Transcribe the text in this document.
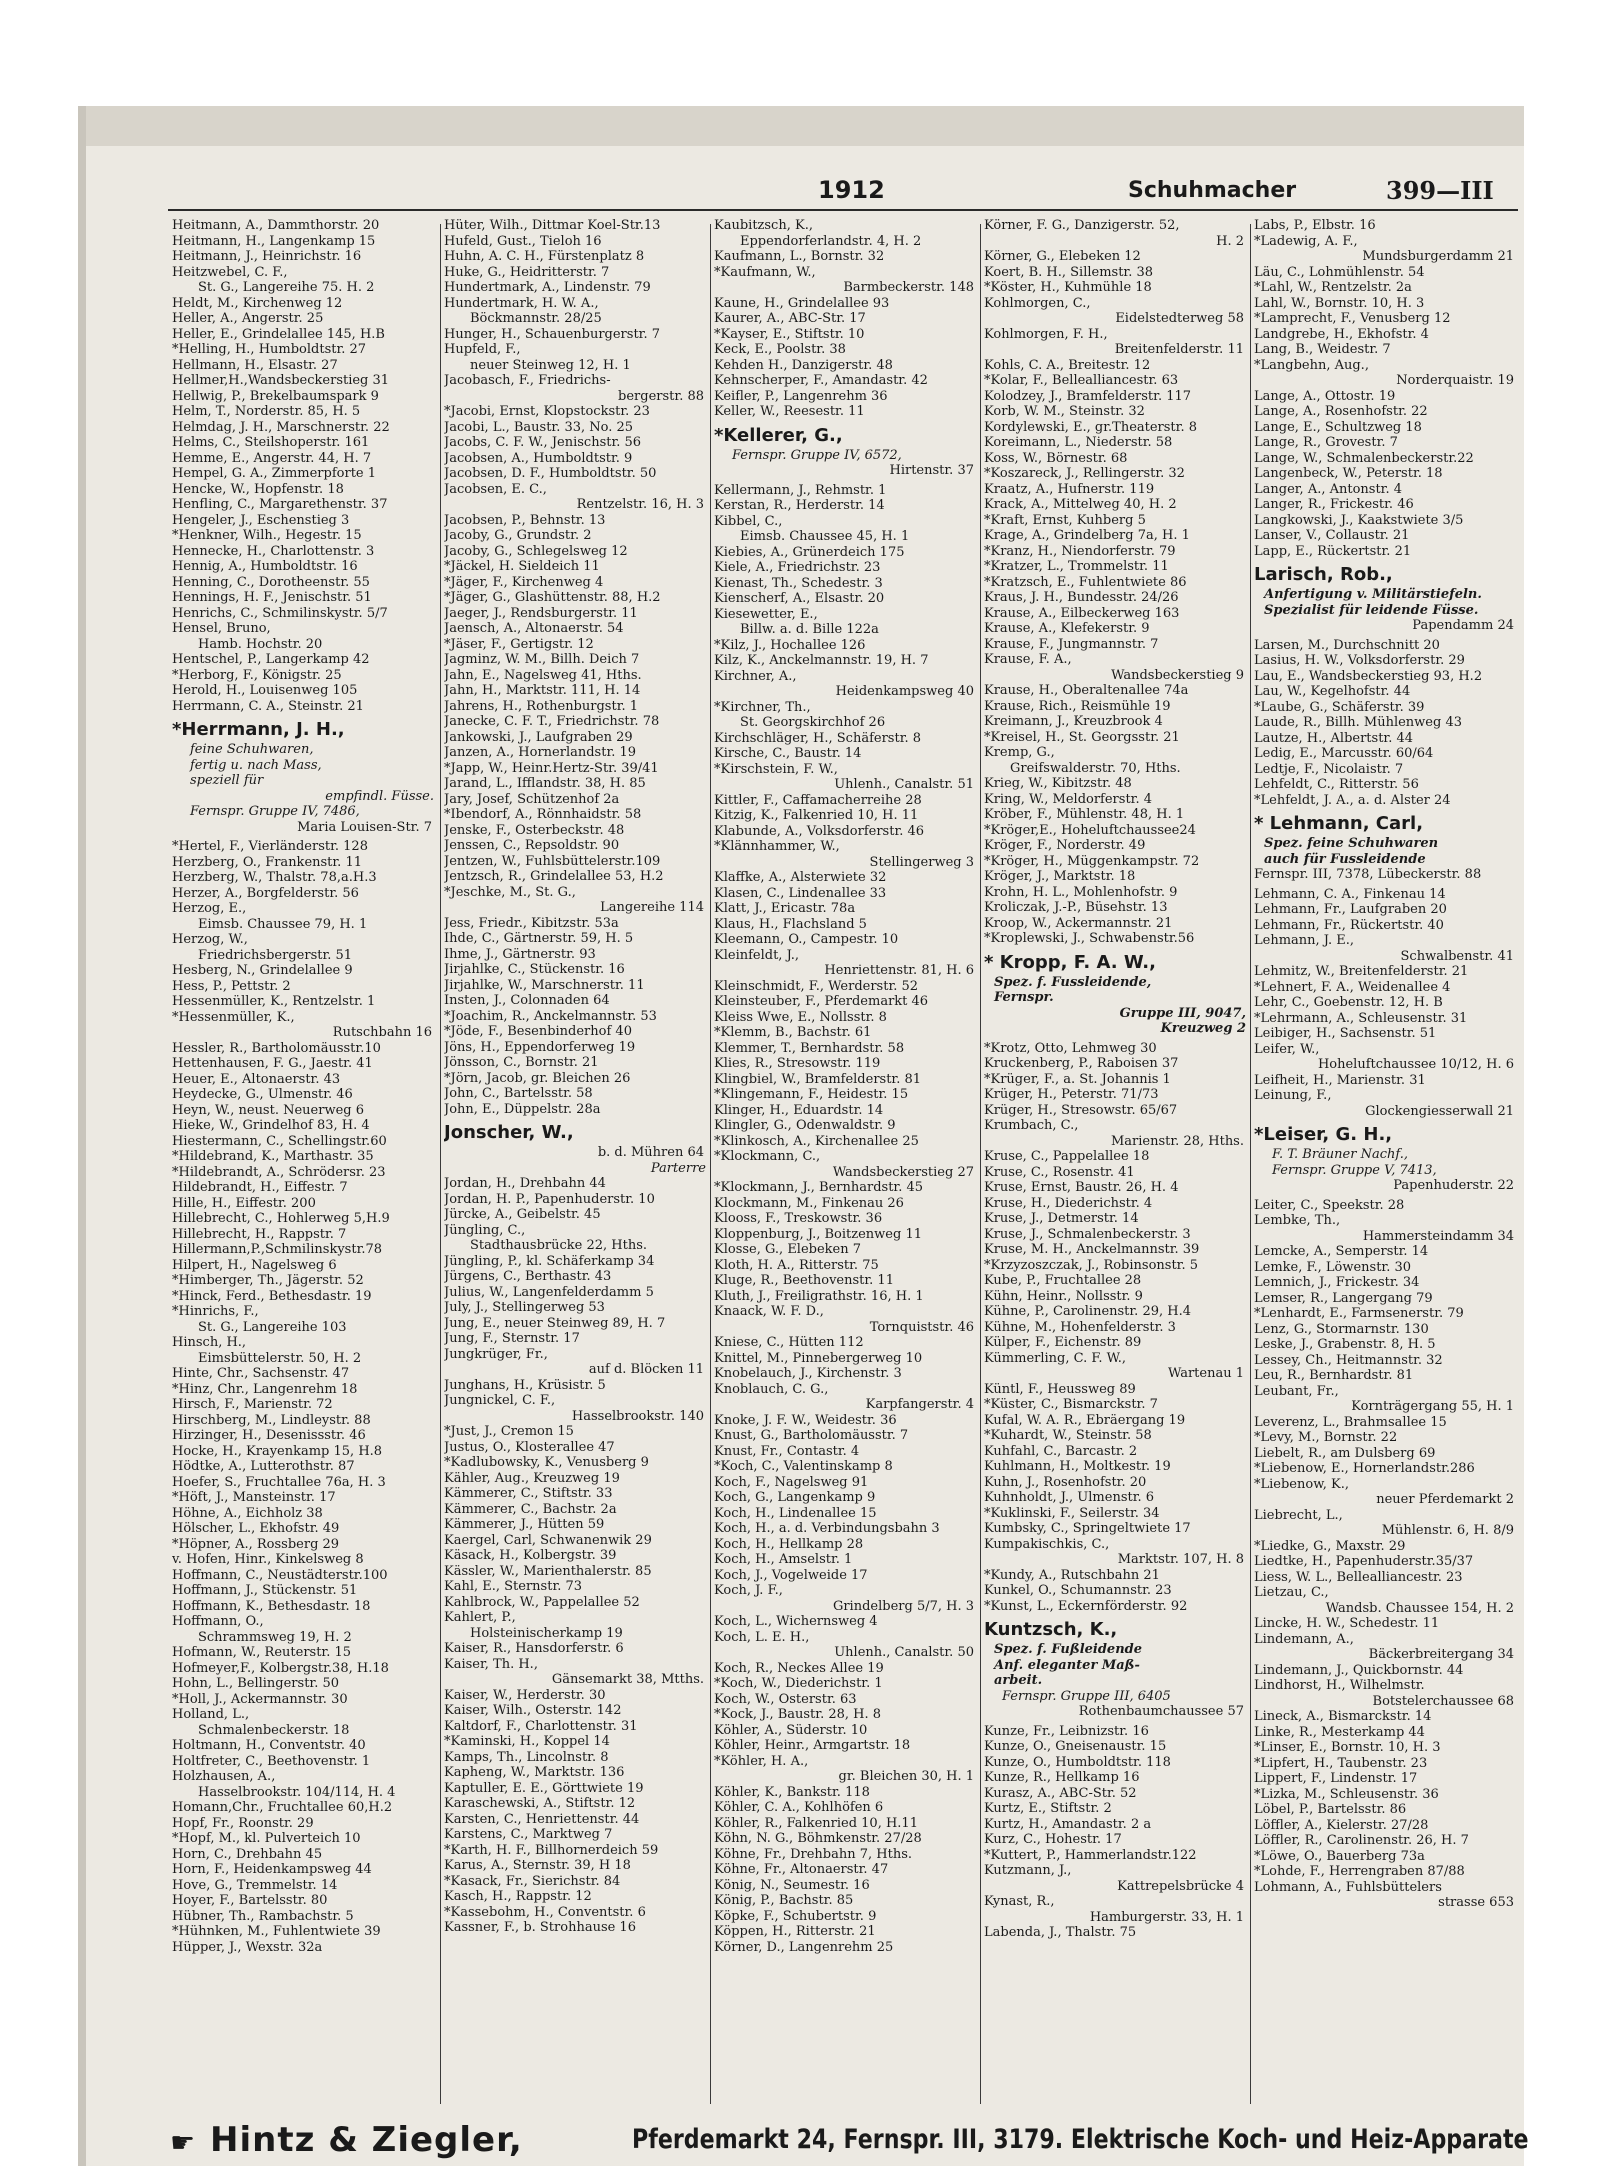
1912	Schuhmacher	399—III
Heitmann, A., Dammthorstr. 20
Heitmann, H., Langenkamp 15
Heitmann, J., Heinrichstr. 16
Heitzwebel, C. F.,
St. G., Langereihe 75. H. 2
Heldt, M., Kirchenweg 12
Heller, A., Angerstr. 25
Heller, E., Grindelallee 145, H.B
*Helling, H., Humboldtstr. 27
Hellmann, H., Elsastr. 27
Hellmer,H.,Wandsbeckerstieg 31
Hellwig, P., Brekelbaumspark 9
Helm, T., Norderstr. 85, H. 5
Helmdag, J. H., Marschnerstr. 22
Helms, C., Steilshoperstr. 161
Hemme, E., Angerstr. 44, H. 7
Hempel, G. A., Zimmerpforte 1
Hencke, W., Hopfenstr. 18
Henfling, C., Margarethenstr. 37
Hengeler, J., Eschenstieg 3
*Henkner, Wilh., Hegestr. 15
Hennecke, H., Charlottenstr. 3
Hennig, A., Humboldtstr. 16
Henning, C., Dorotheenstr. 55
Hennings, H. F., Jenischstr. 51
Henrichs, C., Schmilinskystr. 5/7
Hensel, Bruno,
Hamb. Hochstr. 20
Hentschel, P., Langerkamp 42
*Herborg, F., Königstr. 25
Herold, H., Louisenweg 105
Herrmann, C. A., Steinstr. 21
*Herrmann, J. H.,
feine Schuhwaren,
fertig u. nach Mass,
speziell für
empfindl. Füsse.
Fernspr. Gruppe IV, 7486,
Maria Louisen-Str. 7
*Hertel, F., Vierländerstr. 128
Herzberg, O., Frankenstr. 11
Herzberg, W., Thalstr. 78,a.H.3
Herzer, A., Borgfelderstr. 56
Herzog, E.,
Eimsb. Chaussee 79, H. 1
Herzog, W.,
Friedrichsbergerstr. 51
Hesberg, N., Grindelallee 9
Hess, P., Pettstr. 2
Hessenmüller, K., Rentzelstr. 1
*Hessenmüller, K.,
Rutschbahn 16
Hessler, R., Bartholomäusstr.10
Hettenhausen, F. G., Jaestr. 41
Heuer, E., Altonaerstr. 43
Heydecke, G., Ulmenstr. 46
Heyn, W., neust. Neuerweg 6
Hieke, W., Grindelhof 83, H. 4
Hiestermann, C., Schellingstr.60
*Hildebrand, K., Marthastr. 35
*Hildebrandt, A., Schrödersr. 23
Hildebrandt, H., Eiffestr. 7
Hille, H., Eiffestr. 200
Hillebrecht, C., Hohlerweg 5,H.9
Hillebrecht, H., Rappstr. 7
Hillermann,P.,Schmilinskystr.78
Hilpert, H., Nagelsweg 6
*Himberger, Th., Jägerstr. 52
*Hinck, Ferd., Bethesdastr. 19
*Hinrichs, F.,
St. G., Langereihe 103
Hinsch, H.,
Eimsbüttelerstr. 50, H. 2
Hinte, Chr., Sachsenstr. 47
*Hinz, Chr., Langenrehm 18
Hirsch, F., Marienstr. 72
Hirschberg, M., Lindleystr. 88
Hirzinger, H., Desenissstr. 46
Hocke, H., Krayenkamp 15, H.8
Hödtke, A., Lutterothstr. 87
Hoefer, S., Fruchtallee 76a, H. 3
*Höft, J., Mansteinstr. 17
Höhne, A., Eichholz 38
Hölscher, L., Ekhofstr. 49
*Höpner, A., Rossberg 29
v. Hofen, Hinr., Kinkelsweg 8
Hoffmann, C., Neustädterstr.100
Hoffmann, J., Stückenstr. 51
Hoffmann, K., Bethesdastr. 18
Hoffmann, O.,
Schrammsweg 19, H. 2
Hofmann, W., Reuterstr. 15
Hofmeyer,F., Kolbergstr.38, H.18
Hohn, L., Bellingerstr. 50
*Holl, J., Ackermannstr. 30
Holland, L.,
Schmalenbeckerstr. 18
Holtmann, H., Conventstr. 40
Holtfreter, C., Beethovenstr. 1
Holzhausen, A.,
Hasselbrookstr. 104/114, H. 4
Homann,Chr., Fruchtallee 60,H.2
Hopf, Fr., Roonstr. 29
*Hopf, M., kl. Pulverteich 10
Horn, C., Drehbahn 45
Horn, F., Heidenkampsweg 44
Hove, G., Tremmelstr. 14
Hoyer, F., Bartelsstr. 80
Hübner, Th., Rambachstr. 5
*Hühnken, M., Fuhlentwiete 39
Hüpper, J., Wexstr. 32a
Hüter, Wilh., Dittmar Koel-Str.13
Hufeld, Gust., Tieloh 16
Huhn, A. C. H., Fürstenplatz 8
Huke, G., Heidritterstr. 7
Hundertmark, A., Lindenstr. 79
Hundertmark, H. W. A.,
Böckmannstr. 28/25
Hunger, H., Schauenburgerstr. 7
Hupfeld, F.,
neuer Steinweg 12, H. 1
Jacobasch, F., Friedrichs-
bergerstr. 88
*Jacobi, Ernst, Klopstockstr. 23
Jacobi, L., Baustr. 33, No. 25
Jacobs, C. F. W., Jenischstr. 56
Jacobsen, A., Humboldtstr. 9
Jacobsen, D. F., Humboldtstr. 50
Jacobsen, E. C.,
Rentzelstr. 16, H. 3
Jacobsen, P., Behnstr. 13
Jacoby, G., Grundstr. 2
Jacoby, G., Schlegelsweg 12
*Jäckel, H. Sieldeich 11
*Jäger, F., Kirchenweg 4
*Jäger, G., Glashüttenstr. 88, H.2
Jaeger, J., Rendsburgerstr. 11
Jaensch, A., Altonaerstr. 54
*Jäser, F., Gertigstr. 12
Jagminz, W. M., Billh. Deich 7
Jahn, E., Nagelsweg 41, Hths.
Jahn, H., Marktstr. 111, H. 14
Jahrens, H., Rothenburgstr. 1
Janecke, C. F. T., Friedrichstr. 78
Jankowski, J., Laufgraben 29
Janzen, A., Hornerlandstr. 19
*Japp, W., Heinr.Hertz-Str. 39/41
Jarand, L., Ifflandstr. 38, H. 85
Jary, Josef, Schützenhof 2a
*Ibendorf, A., Rönnhaidstr. 58
Jenske, F., Osterbeckstr. 48
Jenssen, C., Repsoldstr. 90
Jentzen, W., Fuhlsbüttelerstr.109
Jentzsch, R., Grindelallee 53, H.2
*Jeschke, M., St. G.,
Langereihe 114
Jess, Friedr., Kibitzstr. 53a
Ihde, C., Gärtnerstr. 59, H. 5
Ihme, J., Gärtnerstr. 93
Jirjahlke, C., Stückenstr. 16
Jirjahlke, W., Marschnerstr. 11
Insten, J., Colonnaden 64
*Joachim, R., Anckelmannstr. 53
*Jöde, F., Besenbinderhof 40
Jöns, H., Eppendorferweg 19
Jönsson, C., Bornstr. 21
*Jörn, Jacob, gr. Bleichen 26
John, C., Bartelsstr. 58
John, E., Düppelstr. 28a
Jonscher, W.,
b. d. Mühren 64
Parterre
Jordan, H., Drehbahn 44
Jordan, H. P., Papenhuderstr. 10
Jürcke, A., Geibelstr. 45
Jüngling, C.,
Stadthausbrücke 22, Hths.
Jüngling, P., kl. Schäferkamp 34
Jürgens, C., Berthastr. 43
Julius, W., Langenfelderdamm 5
July, J., Stellingerweg 53
Jung, E., neuer Steinweg 89, H. 7
Jung, F., Sternstr. 17
Jungkrüger, Fr.,
auf d. Blöcken 11
Junghans, H., Krüsistr. 5
Jungnickel, C. F.,
Hasselbrookstr. 140
*Just, J., Cremon 15
Justus, O., Klosterallee 47
*Kadlubowsky, K., Venusberg 9
Kähler, Aug., Kreuzweg 19
Kämmerer, C., Stiftstr. 33
Kämmerer, C., Bachstr. 2a
Kämmerer, J., Hütten 59
Kaergel, Carl, Schwanenwik 29
Käsack, H., Kolbergstr. 39
Kässler, W., Marienthalerstr. 85
Kahl, E., Sternstr. 73
Kahlbrock, W., Pappelallee 52
Kahlert, P.,
Holsteinischerkamp 19
Kaiser, R., Hansdorferstr. 6
Kaiser, Th. H.,
Gänsemarkt 38, Mtths.
Kaiser, W., Herderstr. 30
Kaiser, Wilh., Osterstr. 142
Kaltdorf, F., Charlottenstr. 31
*Kaminski, H., Koppel 14
Kamps, Th., Lincolnstr. 8
Kapheng, W., Marktstr. 136
Kaptuller, E. E., Görttwiete 19
Karaschewski, A., Stiftstr. 12
Karsten, C., Henriettenstr. 44
Karstens, C., Marktweg 7
*Karth, H. F., Billhornerdeich 59
Karus, A., Sternstr. 39, H 18
*Kasack, Fr., Sierichstr. 84
Kasch, H., Rappstr. 12
*Kassebohm, H., Conventstr. 6
Kassner, F., b. Strohhause 16
Kaubitzsch, K.,
Eppendorferlandstr. 4, H. 2
Kaufmann, L., Bornstr. 32
*Kaufmann, W.,
Barmbeckerstr. 148
Kaune, H., Grindelallee 93
Kaurer, A., ABC-Str. 17
*Kayser, E., Stiftstr. 10
Keck, E., Poolstr. 38
Kehden H., Danzigerstr. 48
Kehnscherper, F., Amandastr. 42
Keifler, P., Langenrehm 36
Keller, W., Reesestr. 11
*Kellerer, G.,
Fernspr. Gruppe IV, 6572,
Hirtenstr. 37
Kellermann, J., Rehmstr. 1
Kerstan, R., Herderstr. 14
Kibbel, C.,
Eimsb. Chaussee 45, H. 1
Kiebies, A., Grünerdeich 175
Kiele, A., Friedrichstr. 23
Kienast, Th., Schedestr. 3
Kienscherf, A., Elsastr. 20
Kiesewetter, E.,
Billw. a. d. Bille 122a
*Kilz, J., Hochallee 126
Kilz, K., Anckelmannstr. 19, H. 7
Kirchner, A.,
Heidenkampsweg 40
*Kirchner, Th.,
St. Georgskirchhof 26
Kirchschläger, H., Schäferstr. 8
Kirsche, C., Baustr. 14
*Kirschstein, F. W.,
Uhlenh., Canalstr. 51
Kittler, F., Caffamacherreihe 28
Kitzig, K., Falkenried 10, H. 11
Klabunde, A., Volksdorferstr. 46
*Klännhammer, W.,
Stellingerweg 3
Klaffke, A., Alsterwiete 32
Klasen, C., Lindenallee 33
Klatt, J., Ericastr. 78a
Klaus, H., Flachsland 5
Kleemann, O., Campestr. 10
Kleinfeldt, J.,
Henriettenstr. 81, H. 6
Kleinschmidt, F., Werderstr. 52
Kleinsteuber, F., Pferdemarkt 46
Kleiss Wwe, E., Nollsstr. 8
*Klemm, B., Bachstr. 61
Klemmer, T., Bernhardstr. 58
Klies, R., Stresowstr. 119
Klingbiel, W., Bramfelderstr. 81
*Klingemann, F., Heidestr. 15
Klinger, H., Eduardstr. 14
Klingler, G., Odenwaldstr. 9
*Klinkosch, A., Kirchenallee 25
*Klockmann, C.,
Wandsbeckerstieg 27
*Klockmann, J., Bernhardstr. 45
Klockmann, M., Finkenau 26
Klooss, F., Treskowstr. 36
Kloppenburg, J., Boitzenweg 11
Klosse, G., Elebeken 7
Kloth, H. A., Ritterstr. 75
Kluge, R., Beethovenstr. 11
Kluth, J., Freiligrathstr. 16, H. 1
Knaack, W. F. D.,
Tornquiststr. 46
Kniese, C., Hütten 112
Knittel, M., Pinnebergerweg 10
Knobelauch, J., Kirchenstr. 3
Knoblauch, C. G.,
Karpfangerstr. 4
Knoke, J. F. W., Weidestr. 36
Knust, G., Bartholomäusstr. 7
Knust, Fr., Contastr. 4
*Koch, C., Valentinskamp 8
Koch, F., Nagelsweg 91
Koch, G., Langenkamp 9
Koch, H., Lindenallee 15
Koch, H., a. d. Verbindungsbahn 3
Koch, H., Hellkamp 28
Koch, H., Amselstr. 1
Koch, J., Vogelweide 17
Koch, J. F.,
Grindelberg 5/7, H. 3
Koch, L., Wichernsweg 4
Koch, L. E. H.,
Uhlenh., Canalstr. 50
Koch, R., Neckes Allee 19
*Koch, W., Diederichstr. 1
Koch, W., Osterstr. 63
*Kock, J., Baustr. 28, H. 8
Köhler, A., Süderstr. 10
Köhler, Heinr., Armgartstr. 18
*Köhler, H. A.,
gr. Bleichen 30, H. 1
Köhler, K., Bankstr. 118
Köhler, C. A., Kohlhöfen 6
Köhler, R., Falkenried 10, H.11
Köhn, N. G., Böhmkenstr. 27/28
Köhne, Fr., Drehbahn 7, Hths.
Köhne, Fr., Altonaerstr. 47
König, N., Seumestr. 16
König, P., Bachstr. 85
Köpke, F., Schubertstr. 9
Köppen, H., Ritterstr. 21
Körner, D., Langenrehm 25
Körner, F. G., Danzigerstr. 52,
H. 2
Körner, G., Elebeken 12
Koert, B. H., Sillemstr. 38
*Köster, H., Kuhmühle 18
Kohlmorgen, C.,
Eidelstedterweg 58
Kohlmorgen, F. H.,
Breitenfelderstr. 11
Kohls, C. A., Breitestr. 12
*Kolar, F., Bellealliancestr. 63
Kolodzey, J., Bramfelderstr. 117
Korb, W. M., Steinstr. 32
Kordylewski, E., gr.Theaterstr. 8
Koreimann, L., Niederstr. 58
Koss, W., Börnestr. 68
*Koszareck, J., Rellingerstr. 32
Kraatz, A., Hufnerstr. 119
Krack, A., Mittelweg 40, H. 2
*Kraft, Ernst, Kuhberg 5
Krage, A., Grindelberg 7a, H. 1
*Kranz, H., Niendorferstr. 79
*Kratzer, L., Trommelstr. 11
*Kratzsch, E., Fuhlentwiete 86
Kraus, J. H., Bundesstr. 24/26
Krause, A., Eilbeckerweg 163
Krause, A., Klefekerstr. 9
Krause, F., Jungmannstr. 7
Krause, F. A.,
Wandsbeckerstieg 9
Krause, H., Oberaltenallee 74a
Krause, Rich., Reismühle 19
Kreimann, J., Kreuzbrook 4
*Kreisel, H., St. Georgsstr. 21
Kremp, G.,
Greifswalderstr. 70, Hths.
Krieg, W., Kibitzstr. 48
Kring, W., Meldorferstr. 4
Kröber, F., Mühlenstr. 48, H. 1
*Kröger,E., Hoheluftchaussee24
Kröger, F., Norderstr. 49
*Kröger, H., Müggenkampstr. 72
Kröger, J., Marktstr. 18
Krohn, H. L., Mohlenhofstr. 9
Kroliczak, J.-P., Büsehstr. 13
Kroop, W., Ackermannstr. 21
*Kroplewski, J., Schwabenstr.56
* Kropp, F. A. W.,
Spez. f. Fussleidende,
Fernspr.
Gruppe III, 9047,
Kreuzweg 2
*Krotz, Otto, Lehmweg 30
Kruckenberg, P., Raboisen 37
*Krüger, F., a. St. Johannis 1
Krüger, H., Peterstr. 71/73
Krüger, H., Stresowstr. 65/67
Krumbach, C.,
Marienstr. 28, Hths.
Kruse, C., Pappelallee 18
Kruse, C., Rosenstr. 41
Kruse, Ernst, Baustr. 26, H. 4
Kruse, H., Diederichstr. 4
Kruse, J., Detmerstr. 14
Kruse, J., Schmalenbeckerstr. 3
Kruse, M. H., Anckelmannstr. 39
*Krzyzoszczak, J., Robinsonstr. 5
Kube, P., Fruchtallee 28
Kühn, Heinr., Nollsstr. 9
Kühne, P., Carolinenstr. 29, H.4
Kühne, M., Hohenfelderstr. 3
Külper, F., Eichenstr. 89
Kümmerling, C. F. W.,
Wartenau 1
Küntl, F., Heussweg 89
*Küster, C., Bismarckstr. 7
Kufal, W. A. R., Ebräergang 19
*Kuhardt, W., Steinstr. 58
Kuhfahl, C., Barcastr. 2
Kuhlmann, H., Moltkestr. 19
Kuhn, J., Rosenhofstr. 20
Kuhnholdt, J., Ulmenstr. 6
*Kuklinski, F., Seilerstr. 34
Kumbsky, C., Springeltwiete 17
Kumpakischkis, C.,
Marktstr. 107, H. 8
*Kundy, A., Rutschbahn 21
Kunkel, O., Schumannstr. 23
*Kunst, L., Eckernförderstr. 92
Kuntzsch, K.,
Spez. f. Fußleidende
Anf. eleganter Maß-
arbeit.
Fernspr. Gruppe III, 6405
Rothenbaumchaussee 57
Kunze, Fr., Leibnizstr. 16
Kunze, O., Gneisenaustr. 15
Kunze, O., Humboldtstr. 118
Kunze, R., Hellkamp 16
Kurasz, A., ABC-Str. 52
Kurtz, E., Stiftstr. 2
Kurtz, H., Amandastr. 2 a
Kurz, C., Hohestr. 17
*Kuttert, P., Hammerlandstr.122
Kutzmann, J.,
Kattrepelsbrücke 4
Kynast, R.,
Hamburgerstr. 33, H. 1
Labenda, J., Thalstr. 75
Labs, P., Elbstr. 16
*Ladewig, A. F.,
Mundsburgerdamm 21
Läu, C., Lohmühlenstr. 54
*Lahl, W., Rentzelstr. 2a
Lahl, W., Bornstr. 10, H. 3
*Lamprecht, F., Venusberg 12
Landgrebe, H., Ekhofstr. 4
Lang, B., Weidestr. 7
*Langbehn, Aug.,
Norderquaistr. 19
Lange, A., Ottostr. 19
Lange, A., Rosenhofstr. 22
Lange, E., Schultzweg 18
Lange, R., Grovestr. 7
Lange, W., Schmalenbeckerstr.22
Langenbeck, W., Peterstr. 18
Langer, A., Antonstr. 4
Langer, R., Frickestr. 46
Langkowski, J., Kaakstwiete 3/5
Lanser, V., Collaustr. 21
Lapp, E., Rückertstr. 21
Larisch, Rob.,
Anfertigung v. Militärstiefeln.
Spezialist für leidende Füsse.
Papendamm 24
Larsen, M., Durchschnitt 20
Lasius, H. W., Volksdorferstr. 29
Lau, E., Wandsbeckerstieg 93, H.2
Lau, W., Kegelhofstr. 44
*Laube, G., Schäferstr. 39
Laude, R., Billh. Mühlenweg 43
Lautze, H., Albertstr. 44
Ledig, E., Marcusstr. 60/64
Ledtje, F., Nicolaistr. 7
Lehfeldt, C., Ritterstr. 56
*Lehfeldt, J. A., a. d. Alster 24
* Lehmann, Carl,
Spez. feine Schuhwaren
auch für Fussleidende
Fernspr. III, 7378, Lübeckerstr. 88
Lehmann, C. A., Finkenau 14
Lehmann, Fr., Laufgraben 20
Lehmann, Fr., Rückertstr. 40
Lehmann, J. E.,
Schwalbenstr. 41
Lehmitz, W., Breitenfelderstr. 21
*Lehnert, F. A., Weidenallee 4
Lehr, C., Goebenstr. 12, H. B
*Lehrmann, A., Schleusenstr. 31
Leibiger, H., Sachsenstr. 51
Leifer, W.,
Hoheluftchaussee 10/12, H. 6
Leifheit, H., Marienstr. 31
Leinung, F.,
Glockengiesserwall 21
*Leiser, G. H.,
F. T. Bräuner Nachf.,
Fernspr. Gruppe V, 7413,
Papenhuderstr. 22
Leiter, C., Speekstr. 28
Lembke, Th.,
Hammersteindamm 34
Lemcke, A., Semperstr. 14
Lemke, F., Löwenstr. 30
Lemnich, J., Frickestr. 34
Lemser, R., Langergang 79
*Lenhardt, E., Farmsenerstr. 79
Lenz, G., Stormarnstr. 130
Leske, J., Grabenstr. 8, H. 5
Lessey, Ch., Heitmannstr. 32
Leu, R., Bernhardstr. 81
Leubant, Fr.,
Kornträgergang 55, H. 1
Leverenz, L., Brahmsallee 15
*Levy, M., Bornstr. 22
Liebelt, R., am Dulsberg 69
*Liebenow, E., Hornerlandstr.286
*Liebenow, K.,
neuer Pferdemarkt 2
Liebrecht, L.,
Mühlenstr. 6, H. 8/9
*Liedke, G., Maxstr. 29
Liedtke, H., Papenhuderstr.35/37
Liess, W. L., Bellealliancestr. 23
Lietzau, C.,
Wandsb. Chaussee 154, H. 2
Lincke, H. W., Schedestr. 11
Lindemann, A.,
Bäckerbreitergang 34
Lindemann, J., Quickbornstr. 44
Lindhorst, H., Wilhelmstr.
Botstelerchaussee 68
Lineck, A., Bismarckstr. 14
Linke, R., Mesterkamp 44
*Linser, E., Bornstr. 10, H. 3
*Lipfert, H., Taubenstr. 23
Lippert, F., Lindenstr. 17
*Lizka, M., Schleusenstr. 36
Löbel, P., Bartelsstr. 86
Löffler, A., Kielerstr. 27/28
Löffler, R., Carolinenstr. 26, H. 7
*Löwe, O., Bauerberg 73a
*Lohde, F., Herrengraben 87/88
Lohmann, A., Fuhlsbüttelers
strasse 653
☛ Hintz & Ziegler,	Pferdemarkt 24, Fernspr. III, 3179. Elektrische Koch- und Heiz-Apparate
